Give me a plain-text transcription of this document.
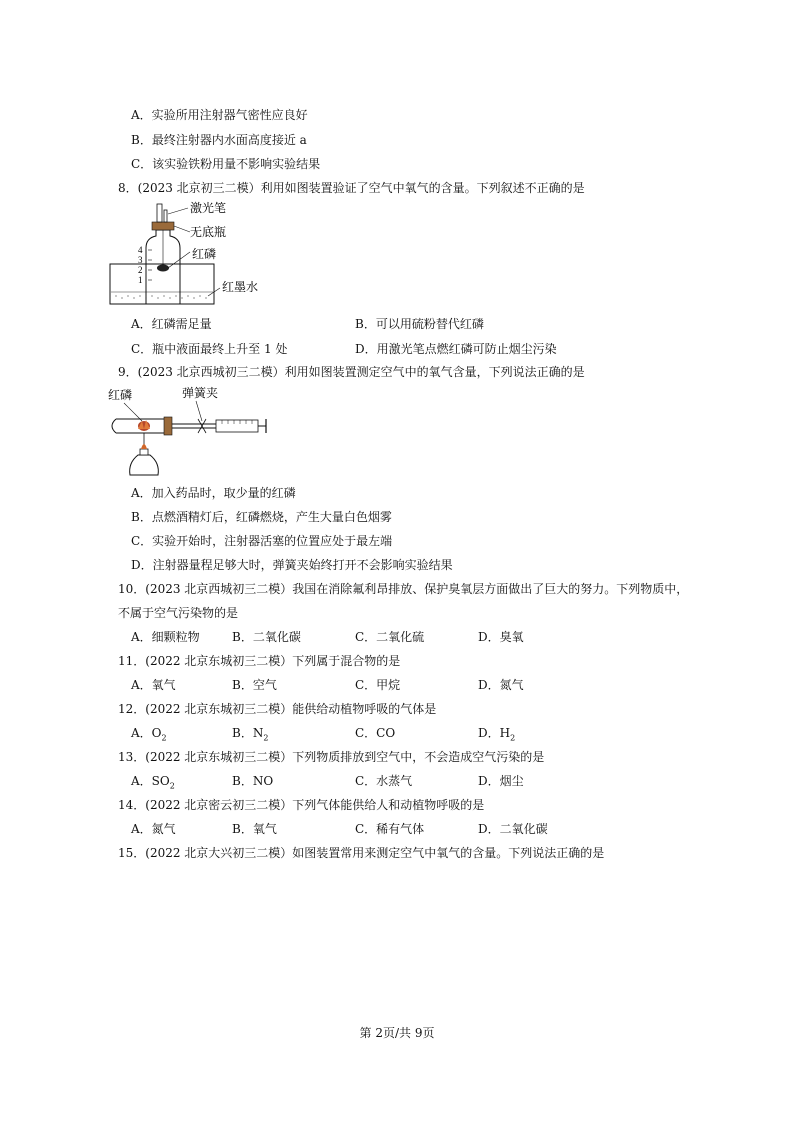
A．实验所用注射器气密性应良好
B．最终注射器内水面高度接近 a
C．该实验铁粉用量不影响实验结果
8．(2023 北京初三二模）利用如图装置验证了空气中氧气的含量。下列叙述不正确的是
4
3
2
1
激光笔
无底瓶
红磷
红墨水
A．红磷需足量	B．可以用硫粉替代红磷
C．瓶中液面最终上升至 1 处	D．用激光笔点燃红磷可防止烟尘污染
9．(2023 北京西城初三二模）利用如图装置测定空气中的氧气含量，下列说法正确的是
红磷	弹簧夹
A．加入药品时，取少量的红磷
B．点燃酒精灯后，红磷燃烧，产生大量白色烟雾
C．实验开始时，注射器活塞的位置应处于最左端
D．注射器量程足够大时，弹簧夹始终打开不会影响实验结果
10．(2023 北京西城初三二模）我国在消除氟利昂排放、保护臭氧层方面做出了巨大的努力。下列物质中，
不属于空气污染物的是
A．细颗粒物	B．二氧化碳	C．二氧化硫	D．臭氧
11．(2022 北京东城初三二模）下列属于混合物的是
A．氧气	B．空气	C．甲烷	D．氮气
12．(2022 北京东城初三二模）能供给动植物呼吸的气体是
A．$O_2$	B．$N_2$	C．CO	D．$H_2$
13．(2022 北京东城初三二模）下列物质排放到空气中，不会造成空气污染的是
A．$SO_2$	B．NO	C．水蒸气	D．烟尘
14．(2022 北京密云初三二模）下列气体能供给人和动植物呼吸的是
A．氮气	B．氧气	C．稀有气体	D．二氧化碳
15．(2022 北京大兴初三二模）如图装置常用来测定空气中氧气的含量。下列说法正确的是
第 2页/共 9页
